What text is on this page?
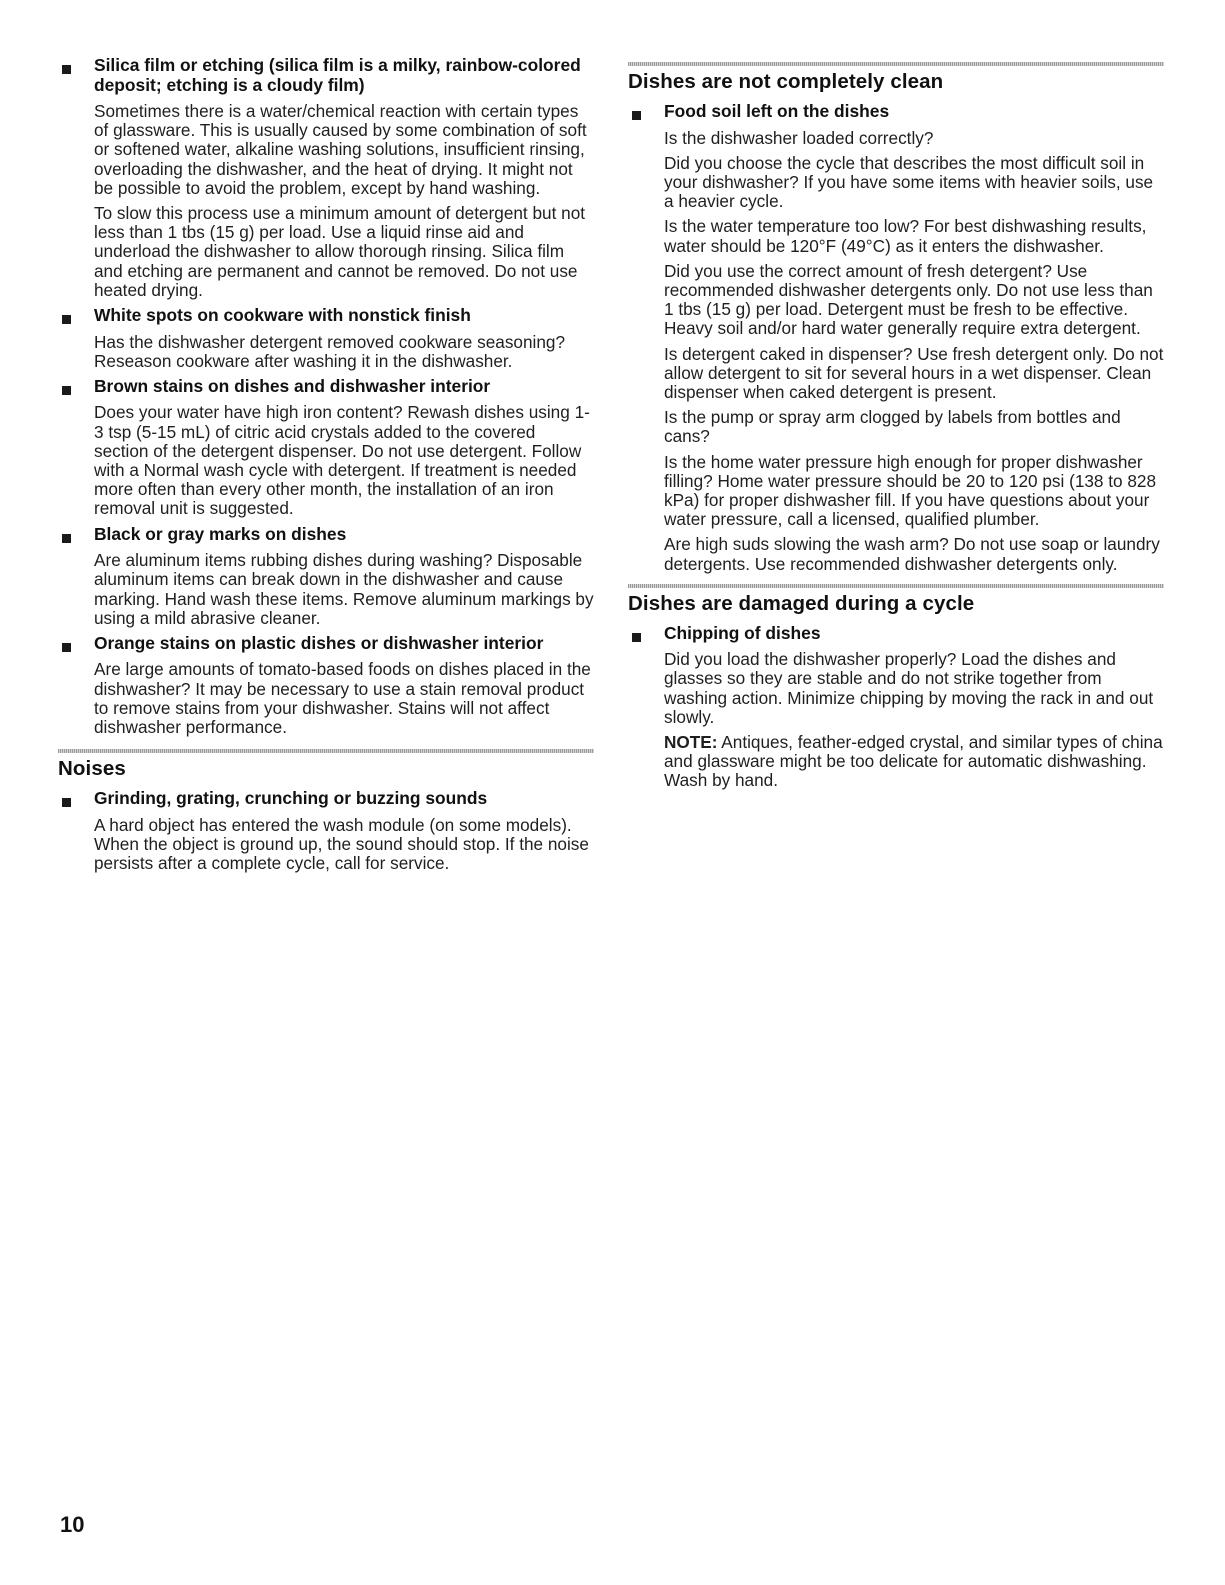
Silica film or etching (silica film is a milky, rainbow-colored deposit; etching is a cloudy film)

Sometimes there is a water/chemical reaction with certain types of glassware. This is usually caused by some combination of soft or softened water, alkaline washing solutions, insufficient rinsing, overloading the dishwasher, and the heat of drying. It might not be possible to avoid the problem, except by hand washing.

To slow this process use a minimum amount of detergent but not less than 1 tbs (15 g) per load. Use a liquid rinse aid and underload the dishwasher to allow thorough rinsing. Silica film and etching are permanent and cannot be removed. Do not use heated drying.

White spots on cookware with nonstick finish

Has the dishwasher detergent removed cookware seasoning? Reseason cookware after washing it in the dishwasher.

Brown stains on dishes and dishwasher interior

Does your water have high iron content? Rewash dishes using 1-3 tsp (5-15 mL) of citric acid crystals added to the covered section of the detergent dispenser. Do not use detergent. Follow with a Normal wash cycle with detergent. If treatment is needed more often than every other month, the installation of an iron removal unit is suggested.

Black or gray marks on dishes

Are aluminum items rubbing dishes during washing? Disposable aluminum items can break down in the dishwasher and cause marking. Hand wash these items. Remove aluminum markings by using a mild abrasive cleaner.

Orange stains on plastic dishes or dishwasher interior

Are large amounts of tomato-based foods on dishes placed in the dishwasher? It may be necessary to use a stain removal product to remove stains from your dishwasher. Stains will not affect dishwasher performance.

Noises

Grinding, grating, crunching or buzzing sounds

A hard object has entered the wash module (on some models). When the object is ground up, the sound should stop. If the noise persists after a complete cycle, call for service.

Dishes are not completely clean

Food soil left on the dishes

Is the dishwasher loaded correctly?

Did you choose the cycle that describes the most difficult soil in your dishwasher? If you have some items with heavier soils, use a heavier cycle.

Is the water temperature too low? For best dishwashing results, water should be 120°F (49°C) as it enters the dishwasher.

Did you use the correct amount of fresh detergent? Use recommended dishwasher detergents only. Do not use less than 1 tbs (15 g) per load. Detergent must be fresh to be effective. Heavy soil and/or hard water generally require extra detergent.

Is detergent caked in dispenser? Use fresh detergent only. Do not allow detergent to sit for several hours in a wet dispenser. Clean dispenser when caked detergent is present.

Is the pump or spray arm clogged by labels from bottles and cans?

Is the home water pressure high enough for proper dishwasher filling? Home water pressure should be 20 to 120 psi (138 to 828 kPa) for proper dishwasher fill. If you have questions about your water pressure, call a licensed, qualified plumber.

Are high suds slowing the wash arm? Do not use soap or laundry detergents. Use recommended dishwasher detergents only.

Dishes are damaged during a cycle

Chipping of dishes

Did you load the dishwasher properly? Load the dishes and glasses so they are stable and do not strike together from washing action. Minimize chipping by moving the rack in and out slowly.

NOTE: Antiques, feather-edged crystal, and similar types of china and glassware might be too delicate for automatic dishwashing. Wash by hand.

10
